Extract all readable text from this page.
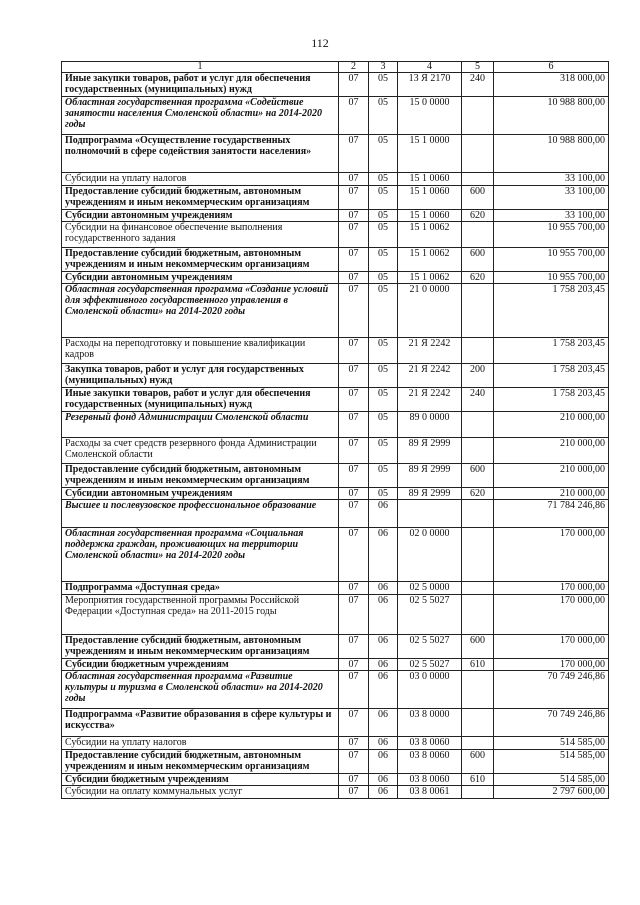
112
1	2	3	4	5	6
Иные закупки товаров, работ и услуг для обеспечения государственных (муниципальных) нужд	07	05	13 Я 2170	240	318 000,00
Областная государственная программа «Содействие занятости населения Смоленской области» на 2014-2020 годы	07	05	15 0 0000		10 988 800,00
Подпрограмма «Осуществление государственных полномочий в сфере содействия занятости населения»	07	05	15 1 0000		10 988 800,00
Субсидии на уплату налогов	07	05	15 1 0060		33 100,00
Предоставление субсидий бюджетным, автономным учреждениям и иным некоммерческим организациям	07	05	15 1 0060	600	33 100,00
Субсидии автономным учреждениям	07	05	15 1 0060	620	33 100,00
Субсидии на финансовое обеспечение выполнения государственного задания	07	05	15 1 0062		10 955 700,00
Предоставление субсидий бюджетным, автономным учреждениям и иным некоммерческим организациям	07	05	15 1 0062	600	10 955 700,00
Субсидии автономным учреждениям	07	05	15 1 0062	620	10 955 700,00
Областная государственная программа «Создание условий для эффективного государственного управления в Смоленской области» на 2014-2020 годы	07	05	21 0 0000		1 758 203,45
Расходы на переподготовку и повышение квалификации кадров	07	05	21 Я 2242		1 758 203,45
Закупка товаров, работ и услуг для государственных (муниципальных) нужд	07	05	21 Я 2242	200	1 758 203,45
Иные закупки товаров, работ и услуг для обеспечения государственных (муниципальных) нужд	07	05	21 Я 2242	240	1 758 203,45
Резервный фонд Администрации Смоленской области	07	05	89 0 0000		210 000,00
Расходы за счет средств резервного фонда Администрации Смоленской области	07	05	89 Я 2999		210 000,00
Предоставление субсидий бюджетным, автономным учреждениям и иным некоммерческим организациям	07	05	89 Я 2999	600	210 000,00
Субсидии автономным учреждениям	07	05	89 Я 2999	620	210 000,00
Высшее и послевузовское профессиональное образование	07	06			71 784 246,86
Областная государственная программа «Социальная поддержка граждан, проживающих на территории Смоленской области» на 2014-2020 годы	07	06	02 0 0000		170 000,00
Подпрограмма «Доступная среда»	07	06	02 5 0000		170 000,00
Мероприятия государственной программы Российской Федерации «Доступная среда» на 2011-2015 годы	07	06	02 5 5027		170 000,00
Предоставление субсидий бюджетным, автономным учреждениям и иным некоммерческим организациям	07	06	02 5 5027	600	170 000,00
Субсидии бюджетным учреждениям	07	06	02 5 5027	610	170 000,00
Областная государственная программа «Развитие культуры и туризма в Смоленской области» на 2014-2020 годы	07	06	03 0 0000		70 749 246,86
Подпрограмма «Развитие образования в сфере культуры и искусства»	07	06	03 8 0000		70 749 246,86
Субсидии на уплату налогов	07	06	03 8 0060		514 585,00
Предоставление субсидий бюджетным, автономным учреждениям и иным некоммерческим организациям	07	06	03 8 0060	600	514 585,00
Субсидии бюджетным учреждениям	07	06	03 8 0060	610	514 585,00
Субсидии на оплату коммунальных услуг	07	06	03 8 0061		2 797 600,00
